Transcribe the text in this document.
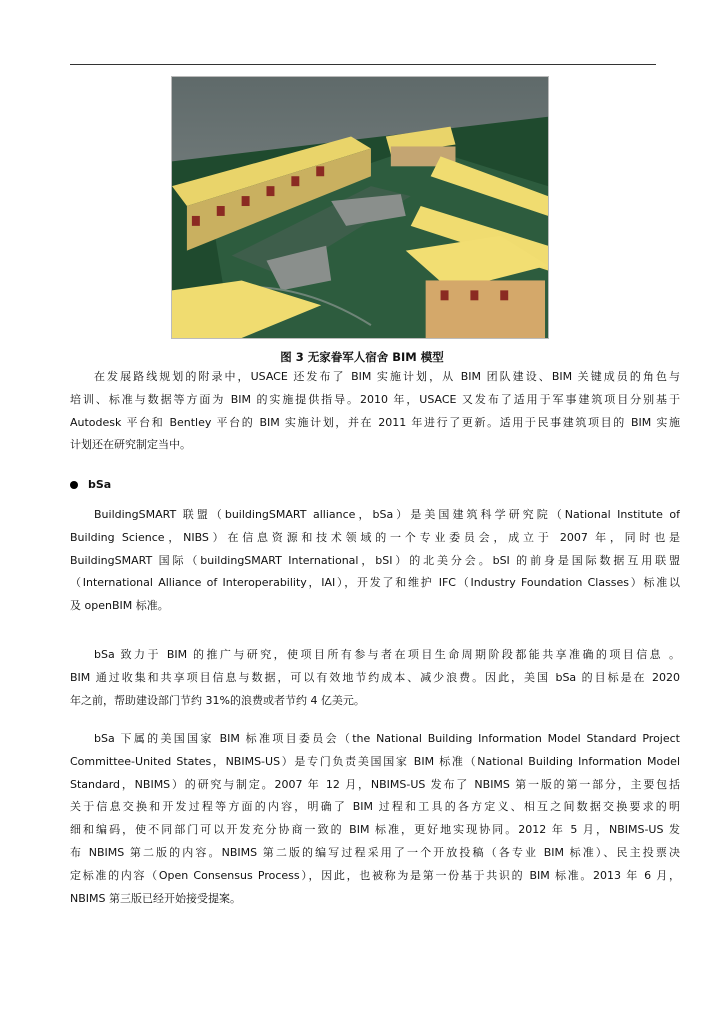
图 3 无家眷军人宿舍 BIM 模型
在发展路线规划的附录中，USACE 还发布了 BIM 实施计划，从 BIM 团队建设、BIM 关键成员的角色与
培训、标准与数据等方面为 BIM 的实施提供指导。2010 年，USACE 又发布了适用于军事建筑项目分别基于
Autodesk 平台和 Bentley 平台的 BIM 实施计划，并在 2011 年进行了更新。适用于民事建筑项目的 BIM 实施
计划还在研究制定当中。
bSa
BuildingSMART 联盟（buildingSMART alliance，bSa）是美国建筑科学研究院（National Institute of
Building Science，NIBS）在信息资源和技术领域的一个专业委员会，成立于 2007 年，同时也是
BuildingSMART 国际（buildingSMART International，bSI）的北美分会。bSI 的前身是国际数据互用联盟
（International Alliance of Interoperability，IAI），开发了和维护 IFC（Industry Foundation Classes）标准以
及 openBIM 标准。
bSa 致力于 BIM 的推广与研究，使项目所有参与者在项目生命周期阶段都能共享准确的项目信息 。
BIM 通过收集和共享项目信息与数据，可以有效地节约成本、减少浪费。因此，美国 bSa 的目标是在 2020
年之前，帮助建设部门节约 31%的浪费或者节约 4 亿美元。
bSa 下属的美国国家 BIM 标准项目委员会（the National Building Information Model Standard Project
Committee-United States，NBIMS-US）是专门负责美国国家 BIM 标准（National Building Information Model
Standard，NBIMS）的研究与制定。2007 年 12 月，NBIMS-US 发布了 NBIMS 第一版的第一部分，主要包括
关于信息交换和开发过程等方面的内容，明确了 BIM 过程和工具的各方定义、相互之间数据交换要求的明
细和编码，使不同部门可以开发充分协商一致的 BIM 标准，更好地实现协同。2012 年 5 月，NBIMS-US 发
布 NBIMS 第二版的内容。NBIMS 第二版的编写过程采用了一个开放投稿（各专业 BIM 标准）、民主投票决
定标准的内容（Open Consensus Process），因此，也被称为是第一份基于共识的 BIM 标准。2013 年 6 月，
NBIMS 第三版已经开始接受提案。
